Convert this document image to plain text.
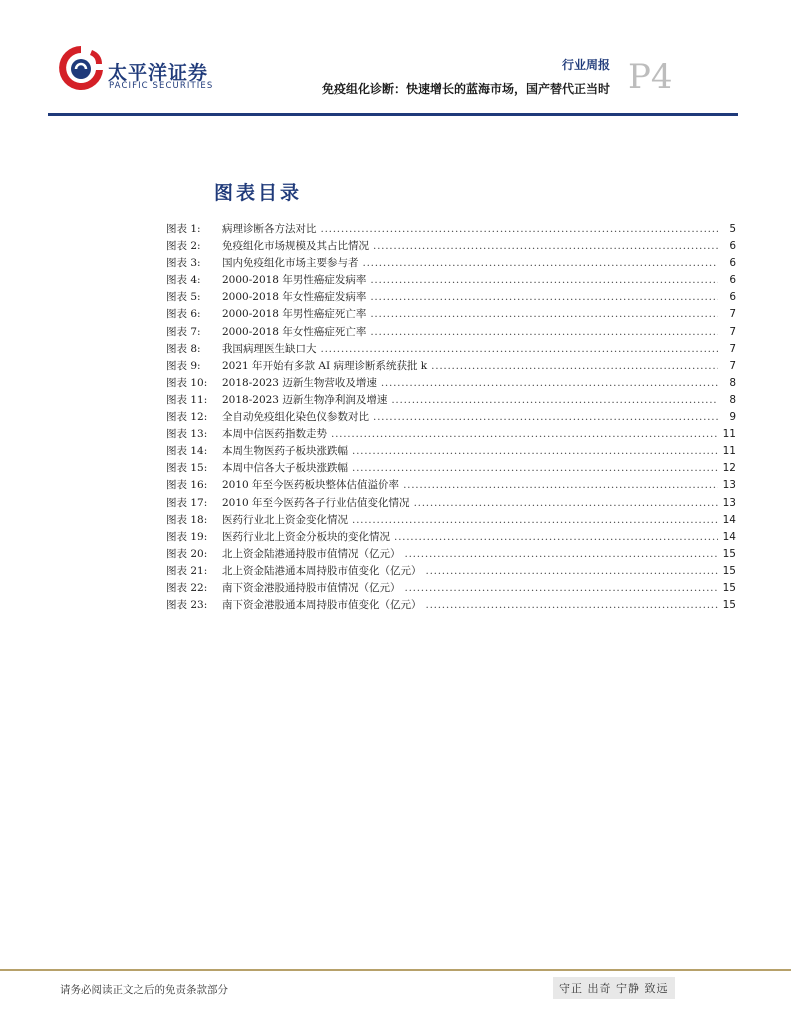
太平洋证券
PACIFIC SECURITIES
行业周报 P4
免疫组化诊断：快速增长的蓝海市场，国产替代正当时
图表目录
图表 1:	病理诊断各方法对比 . . .	5
图表 2:	免疫组化市场规模及其占比情况 . . .	6
图表 3:	国内免疫组化市场主要参与者 . . .	6
图表 4:	2000-2018 年男性癌症发病率 . . .	6
图表 5:	2000-2018 年女性癌症发病率 . . .	6
图表 6:	2000-2018 年男性癌症死亡率 . . .	7
图表 7:	2000-2018 年女性癌症死亡率 . . .	7
图表 8:	我国病理医生缺口大 . . .	7
图表 9:	2021 年开始有多款 AI 病理诊断系统获批 k . . .	7
图表 10:	2018-2023 迈新生物营收及增速 . . .	8
图表 11:	2018-2023 迈新生物净利润及增速 . . .	8
图表 12:	全自动免疫组化染色仪参数对比 . . .	9
图表 13:	本周中信医药指数走势 . . .	11
图表 14:	本周生物医药子板块涨跌幅 . . .	11
图表 15:	本周中信各大子板块涨跌幅 . . .	12
图表 16:	2010 年至今医药板块整体估值溢价率 . . .	13
图表 17:	2010 年至今医药各子行业估值变化情况 . . .	13
图表 18:	医药行业北上资金变化情况 . . .	14
图表 19:	医药行业北上资金分板块的变化情况 . . .	14
图表 20:	北上资金陆港通持股市值情况（亿元） . . .	15
图表 21:	北上资金陆港通本周持股市值变化（亿元） . . .	15
图表 22:	南下资金港股通持股市值情况（亿元） . . .	15
图表 23:	南下资金港股通本周持股市值变化（亿元） . . .	15
请务必阅读正文之后的免责条款部分	守正 出奇 宁静 致远
